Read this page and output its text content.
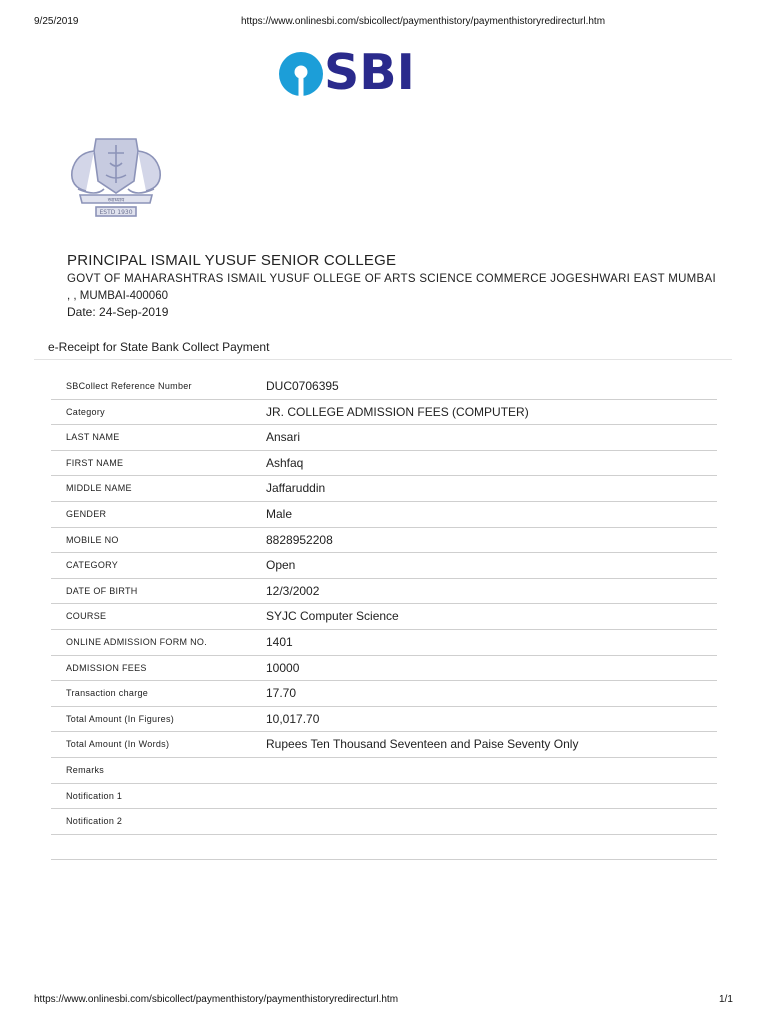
9/25/2019	https://www.onlinesbi.com/sbicollect/paymenthistory/paymenthistoryredirecturl.htm
SBI
स्वाध्याय
ESTD 1930
PRINCIPAL ISMAIL YUSUF SENIOR COLLEGE
GOVT OF MAHARASHTRAS ISMAIL YUSUF OLLEGE OF ARTS SCIENCE COMMERCE JOGESHWARI EAST MUMBAI
, , MUMBAI-400060
Date: 24-Sep-2019
e-Receipt for State Bank Collect Payment
SBCollect Reference Number	DUC0706395
Category	JR. COLLEGE ADMISSION FEES (COMPUTER)
LAST NAME	Ansari
FIRST NAME	Ashfaq
MIDDLE NAME	Jaffaruddin
GENDER	Male
MOBILE NO	8828952208
CATEGORY	Open
DATE OF BIRTH	12/3/2002
COURSE	SYJC Computer Science
ONLINE ADMISSION FORM NO.	1401
ADMISSION FEES	10000
Transaction charge	17.70
Total Amount (In Figures)	10,017.70
Total Amount (In Words)	Rupees Ten Thousand Seventeen and Paise Seventy Only
Remarks
Notification 1
Notification 2
https://www.onlinesbi.com/sbicollect/paymenthistory/paymenthistoryredirecturl.htm	1/1
